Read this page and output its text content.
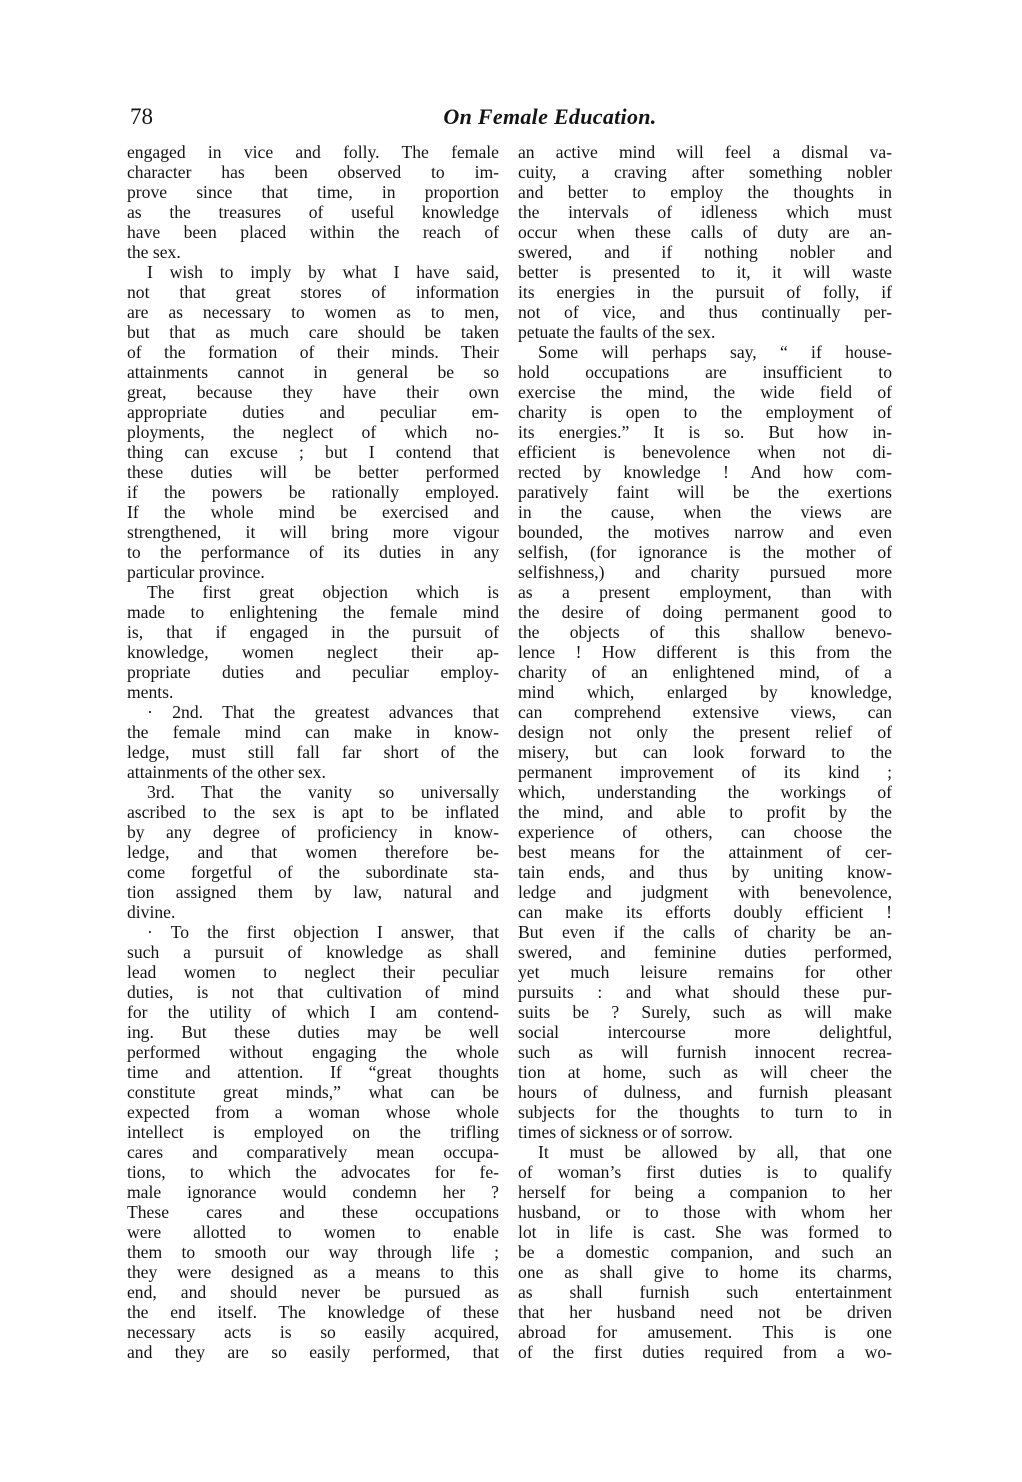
78	On Female Education.
engaged in vice and folly. The female
character has been observed to im-
prove since that time, in proportion
as the treasures of useful knowledge
have been placed within the reach of
the sex.
I wish to imply by what I have said,
not that great stores of information
are as necessary to women as to men,
but that as much care should be taken
of the formation of their minds. Their
attainments cannot in general be so
great, because they have their own
appropriate duties and peculiar em-
ployments, the neglect of which no-
thing can excuse ; but I contend that
these duties will be better performed
if the powers be rationally employed.
If the whole mind be exercised and
strengthened, it will bring more vigour
to the performance of its duties in any
particular province.
The first great objection which is
made to enlightening the female mind
is, that if engaged in the pursuit of
knowledge, women neglect their ap-
propriate duties and peculiar employ-
ments.
· 2nd. That the greatest advances that
the female mind can make in know-
ledge, must still fall far short of the
attainments of the other sex.
3rd. That the vanity so universally
ascribed to the sex is apt to be inflated
by any degree of proficiency in know-
ledge, and that women therefore be-
come forgetful of the subordinate sta-
tion assigned them by law, natural and
divine.
· To the first objection I answer, that
such a pursuit of knowledge as shall
lead women to neglect their peculiar
duties, is not that cultivation of mind
for the utility of which I am contend-
ing. But these duties may be well
performed without engaging the whole
time and attention. If “great thoughts
constitute great minds,” what can be
expected from a woman whose whole
intellect is employed on the trifling
cares and comparatively mean occupa-
tions, to which the advocates for fe-
male ignorance would condemn her ?
These cares and these occupations
were allotted to women to enable
them to smooth our way through life ;
they were designed as a means to this
end, and should never be pursued as
the end itself. The knowledge of these
necessary acts is so easily acquired,
and they are so easily performed, that
an active mind will feel a dismal va-
cuity, a craving after something nobler
and better to employ the thoughts in
the intervals of idleness which must
occur when these calls of duty are an-
swered, and if nothing nobler and
better is presented to it, it will waste
its energies in the pursuit of folly, if
not of vice, and thus continually per-
petuate the faults of the sex.
Some will perhaps say, “ if house-
hold occupations are insufficient to
exercise the mind, the wide field of
charity is open to the employment of
its energies.” It is so. But how in-
efficient is benevolence when not di-
rected by knowledge ! And how com-
paratively faint will be the exertions
in the cause, when the views are
bounded, the motives narrow and even
selfish, (for ignorance is the mother of
selfishness,) and charity pursued more
as a present employment, than with
the desire of doing permanent good to
the objects of this shallow benevo-
lence ! How different is this from the
charity of an enlightened mind, of a
mind which, enlarged by knowledge,
can comprehend extensive views, can
design not only the present relief of
misery, but can look forward to the
permanent improvement of its kind ;
which, understanding the workings of
the mind, and able to profit by the
experience of others, can choose the
best means for the attainment of cer-
tain ends, and thus by uniting know-
ledge and judgment with benevolence,
can make its efforts doubly efficient !
But even if the calls of charity be an-
swered, and feminine duties performed,
yet much leisure remains for other
pursuits : and what should these pur-
suits be ? Surely, such as will make
social intercourse more delightful,
such as will furnish innocent recrea-
tion at home, such as will cheer the
hours of dulness, and furnish pleasant
subjects for the thoughts to turn to in
times of sickness or of sorrow.
It must be allowed by all, that one
of woman’s first duties is to qualify
herself for being a companion to her
husband, or to those with whom her
lot in life is cast. She was formed to
be a domestic companion, and such an
one as shall give to home its charms,
as shall furnish such entertainment
that her husband need not be driven
abroad for amusement. This is one
of the first duties required from a wo-
